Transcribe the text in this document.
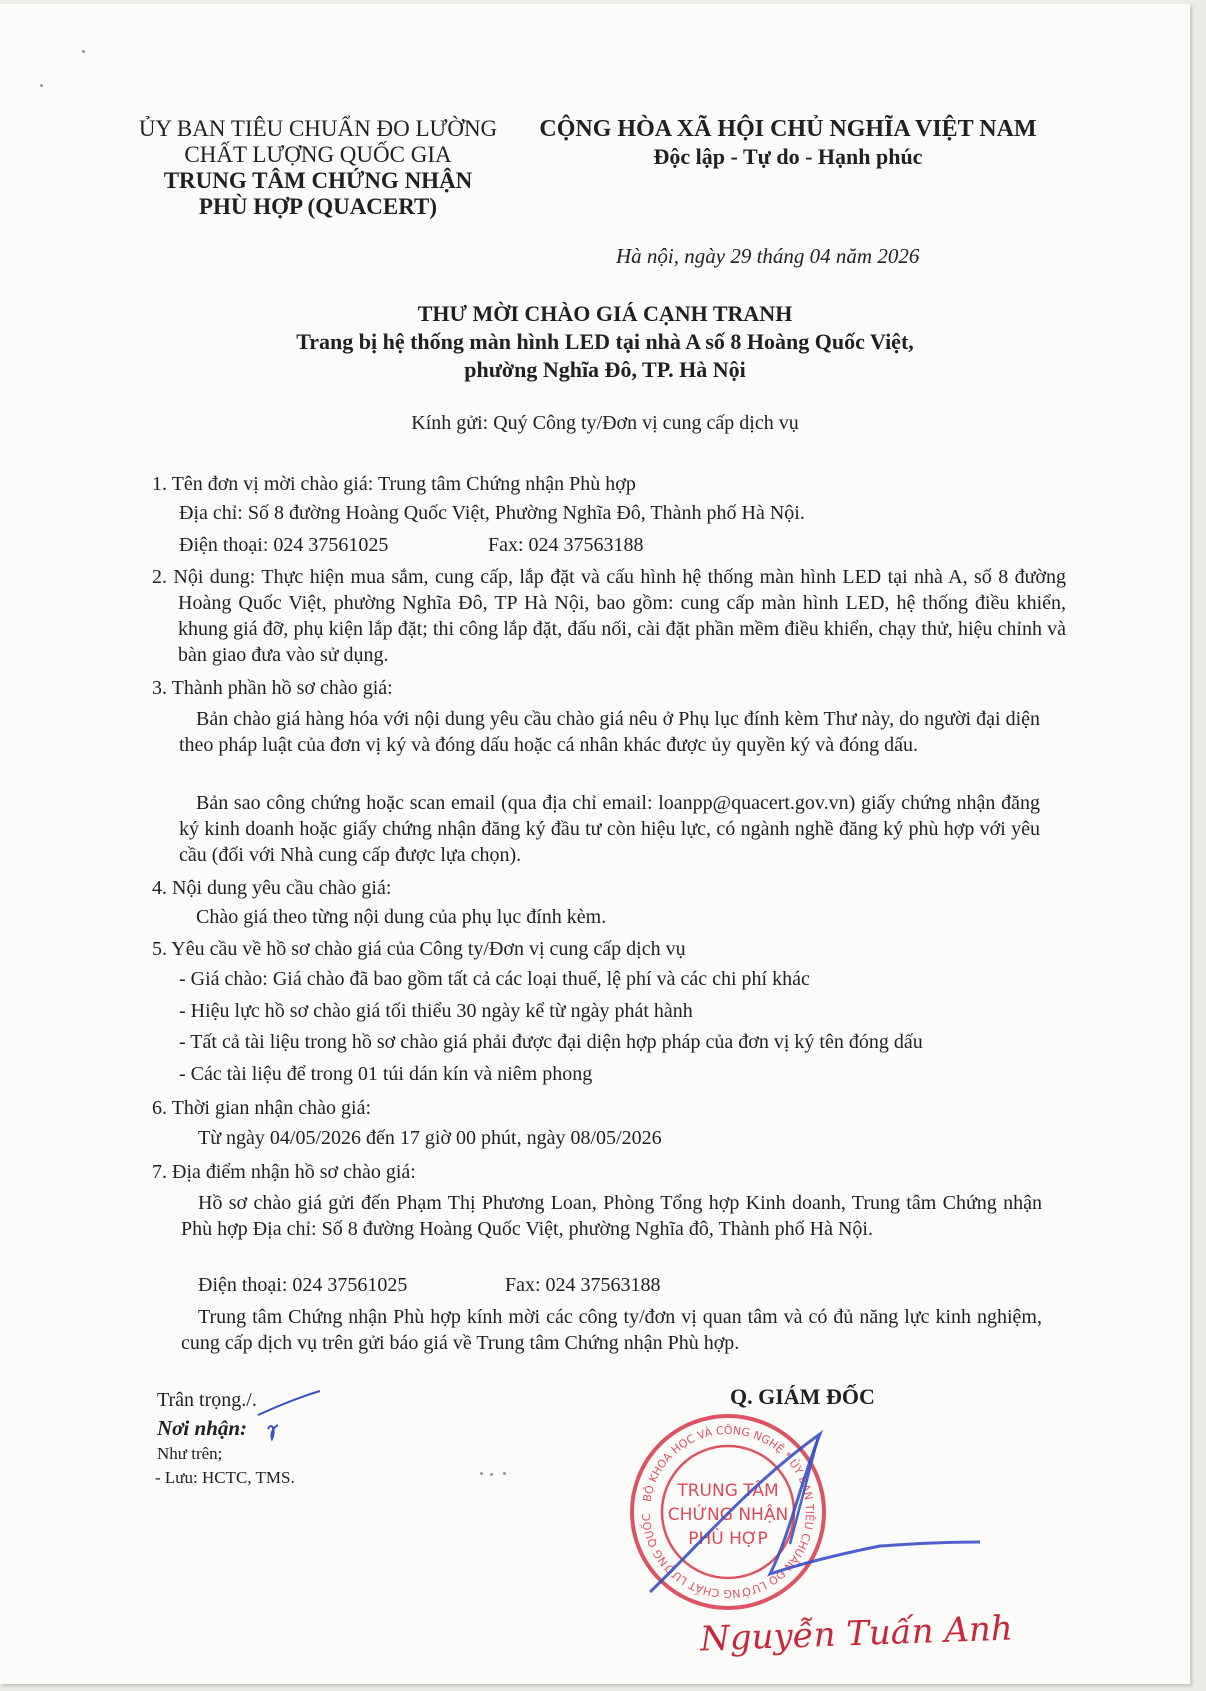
ỦY BAN TIÊU CHUẨN ĐO LƯỜNG
CHẤT LƯỢNG QUỐC GIA
TRUNG TÂM CHỨNG NHẬN
PHÙ HỢP (QUACERT)
CỘNG HÒA XÃ HỘI CHỦ NGHĨA VIỆT NAM
Độc lập - Tự do - Hạnh phúc
Hà nội, ngày 29 tháng 04 năm 2026
THƯ MỜI CHÀO GIÁ CẠNH TRANH
Trang bị hệ thống màn hình LED tại nhà A số 8 Hoàng Quốc Việt,
phường Nghĩa Đô, TP. Hà Nội
Kính gửi: Quý Công ty/Đơn vị cung cấp dịch vụ
1. Tên đơn vị mời chào giá: Trung tâm Chứng nhận Phù hợp
Địa chỉ: Số 8 đường Hoàng Quốc Việt, Phường Nghĩa Đô, Thành phố Hà Nội.
Điện thoại: 024 37561025	Fax: 024 37563188
2. Nội dung: Thực hiện mua sắm, cung cấp, lắp đặt và cấu hình hệ thống màn hình LED tại nhà A, số 8 đường Hoàng Quốc Việt, phường Nghĩa Đô, TP Hà Nội, bao gồm: cung cấp màn hình LED, hệ thống điều khiển, khung giá đỡ, phụ kiện lắp đặt; thi công lắp đặt, đấu nối, cài đặt phần mềm điều khiển, chạy thử, hiệu chỉnh và bàn giao đưa vào sử dụng.
3. Thành phần hồ sơ chào giá:
Bản chào giá hàng hóa với nội dung yêu cầu chào giá nêu ở Phụ lục đính kèm Thư này, do người đại diện theo pháp luật của đơn vị ký và đóng dấu hoặc cá nhân khác được ủy quyền ký và đóng dấu.
Bản sao công chứng hoặc scan email (qua địa chỉ email: loanpp@quacert.gov.vn) giấy chứng nhận đăng ký kinh doanh hoặc giấy chứng nhận đăng ký đầu tư còn hiệu lực, có ngành nghề đăng ký phù hợp với yêu cầu (đối với Nhà cung cấp được lựa chọn).
4. Nội dung yêu cầu chào giá:
Chào giá theo từng nội dung của phụ lục đính kèm.
5. Yêu cầu về hồ sơ chào giá của Công ty/Đơn vị cung cấp dịch vụ
- Giá chào: Giá chào đã bao gồm tất cả các loại thuế, lệ phí và các chi phí khác
- Hiệu lực hồ sơ chào giá tối thiểu 30 ngày kể từ ngày phát hành
- Tất cả tài liệu trong hồ sơ chào giá phải được đại diện hợp pháp của đơn vị ký tên đóng dấu
- Các tài liệu để trong 01 túi dán kín và niêm phong
6. Thời gian nhận chào giá:
Từ ngày 04/05/2026 đến 17 giờ 00 phút, ngày 08/05/2026
7. Địa điểm nhận hồ sơ chào giá:
Hồ sơ chào giá gửi đến Phạm Thị Phương Loan, Phòng Tổng hợp Kinh doanh, Trung tâm Chứng nhận Phù hợp Địa chỉ: Số 8 đường Hoàng Quốc Việt, phường Nghĩa đô, Thành phố Hà Nội.
Điện thoại: 024 37561025	Fax: 024 37563188
Trung tâm Chứng nhận Phù hợp kính mời các công ty/đơn vị quan tâm và có đủ năng lực kinh nghiệm, cung cấp dịch vụ trên gửi báo giá về Trung tâm Chứng nhận Phù hợp.
Trân trọng./.
Nơi nhận:
Như trên;
- Lưu: HCTC, TMS.
Q. GIÁM ĐỐC
BỘ KHOA HỌC VÀ CÔNG NGHỆ * ỦY BAN TIÊU CHUẨN ĐO LƯỜNG CHẤT LƯỢNG QUỐC
TRUNG TÂM
CHỨNG NHẬN
PHÙ HỢP
Nguyễn Tuấn Anh
